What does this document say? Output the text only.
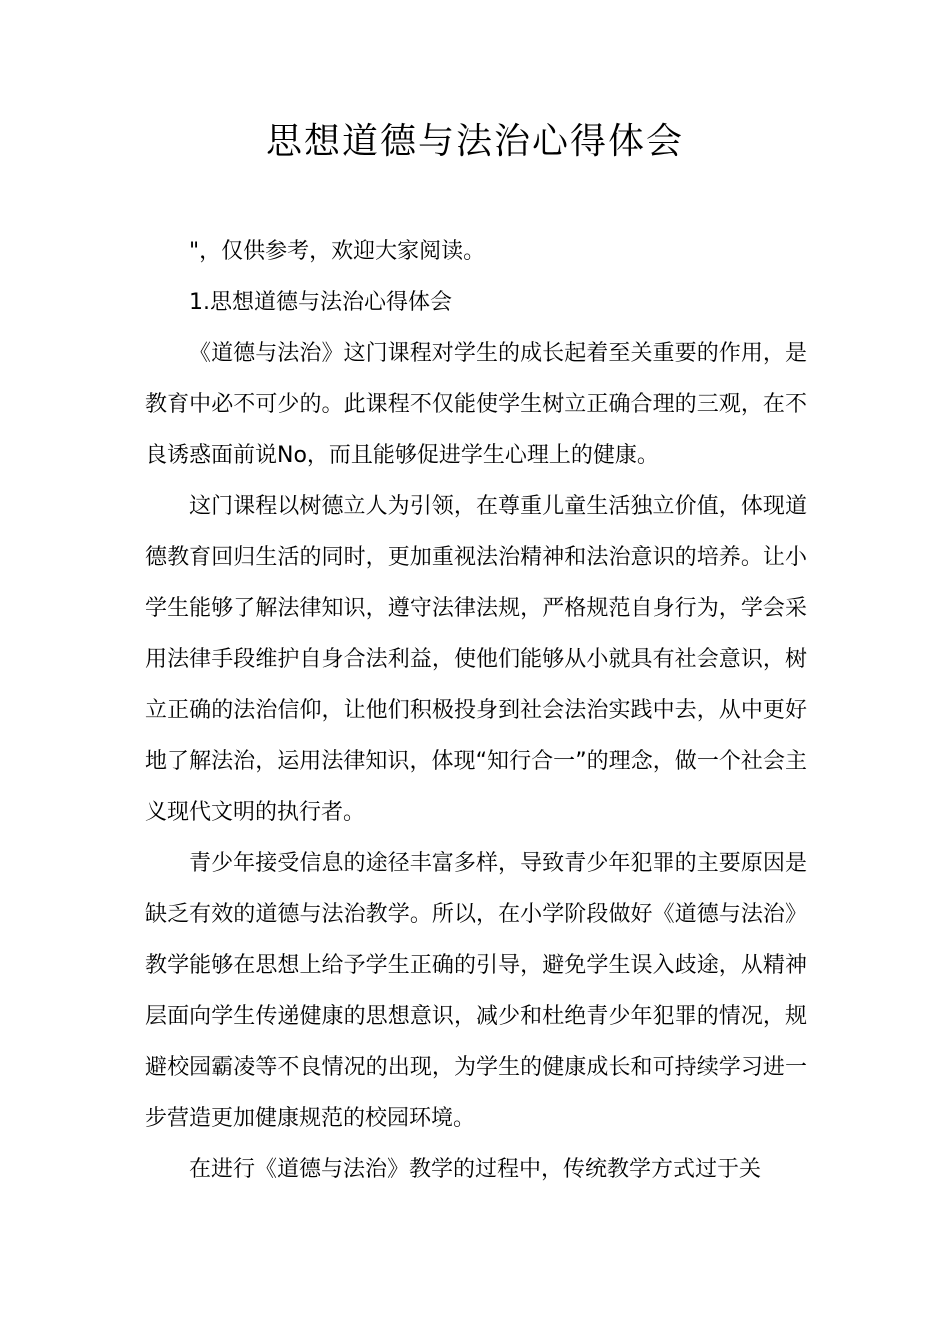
思想道德与法治心得体会

"，仅供参考，欢迎大家阅读。

1.思想道德与法治心得体会

《道德与法治》这门课程对学生的成长起着至关重要的作用，是教育中必不可少的。此课程不仅能使学生树立正确合理的三观，在不良诱惑面前说No，而且能够促进学生心理上的健康。

这门课程以树德立人为引领，在尊重儿童生活独立价值，体现道德教育回归生活的同时，更加重视法治精神和法治意识的培养。让小学生能够了解法律知识，遵守法律法规，严格规范自身行为，学会采用法律手段维护自身合法利益，使他们能够从小就具有社会意识，树立正确的法治信仰，让他们积极投身到社会法治实践中去，从中更好地了解法治，运用法律知识，体现“知行合一”的理念，做一个社会主义现代文明的执行者。

青少年接受信息的途径丰富多样，导致青少年犯罪的主要原因是缺乏有效的道德与法治教学。所以，在小学阶段做好《道德与法治》教学能够在思想上给予学生正确的引导，避免学生误入歧途，从精神层面向学生传递健康的思想意识，减少和杜绝青少年犯罪的情况，规避校园霸凌等不良情况的出现，为学生的健康成长和可持续学习进一步营造更加健康规范的校园环境。

在进行《道德与法治》教学的过程中，传统教学方式过于关
